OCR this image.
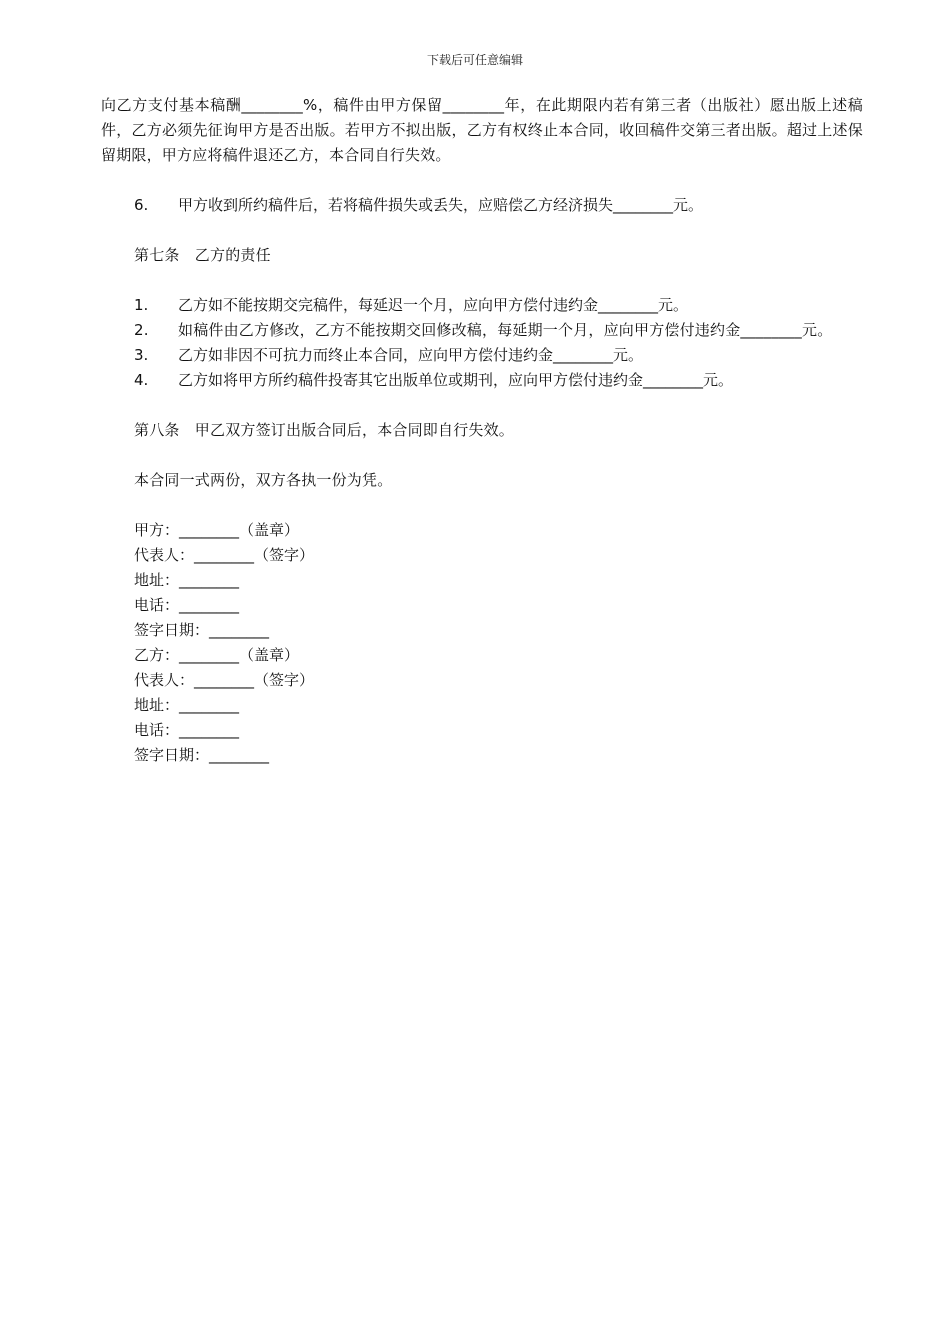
下载后可任意编辑

向乙方支付基本稿酬________%，稿件由甲方保留________年，在此期限内若有第三者（出版社）愿出版上述稿件，乙方必须先征询甲方是否出版。若甲方不拟出版，乙方有权终止本合同，收回稿件交第三者出版。超过上述保留期限，甲方应将稿件退还乙方，本合同自行失效。

6. 甲方收到所约稿件后，若将稿件损失或丢失，应赔偿乙方经济损失________元。

第七条　乙方的责任

1. 乙方如不能按期交完稿件，每延迟一个月，应向甲方偿付违约金________元。

2. 如稿件由乙方修改，乙方不能按期交回修改稿，每延期一个月，应向甲方偿付违约金________元。

3. 乙方如非因不可抗力而终止本合同，应向甲方偿付违约金________元。

4. 乙方如将甲方所约稿件投寄其它出版单位或期刊，应向甲方偿付违约金________元。

第八条　甲乙双方签订出版合同后，本合同即自行失效。

本合同一式两份，双方各执一份为凭。

甲方：________（盖章）

代表人：________（签字）

地址：________

电话：________

签字日期：________

乙方：________（盖章）

代表人：________（签字）

地址：________

电话：________

签字日期：________
